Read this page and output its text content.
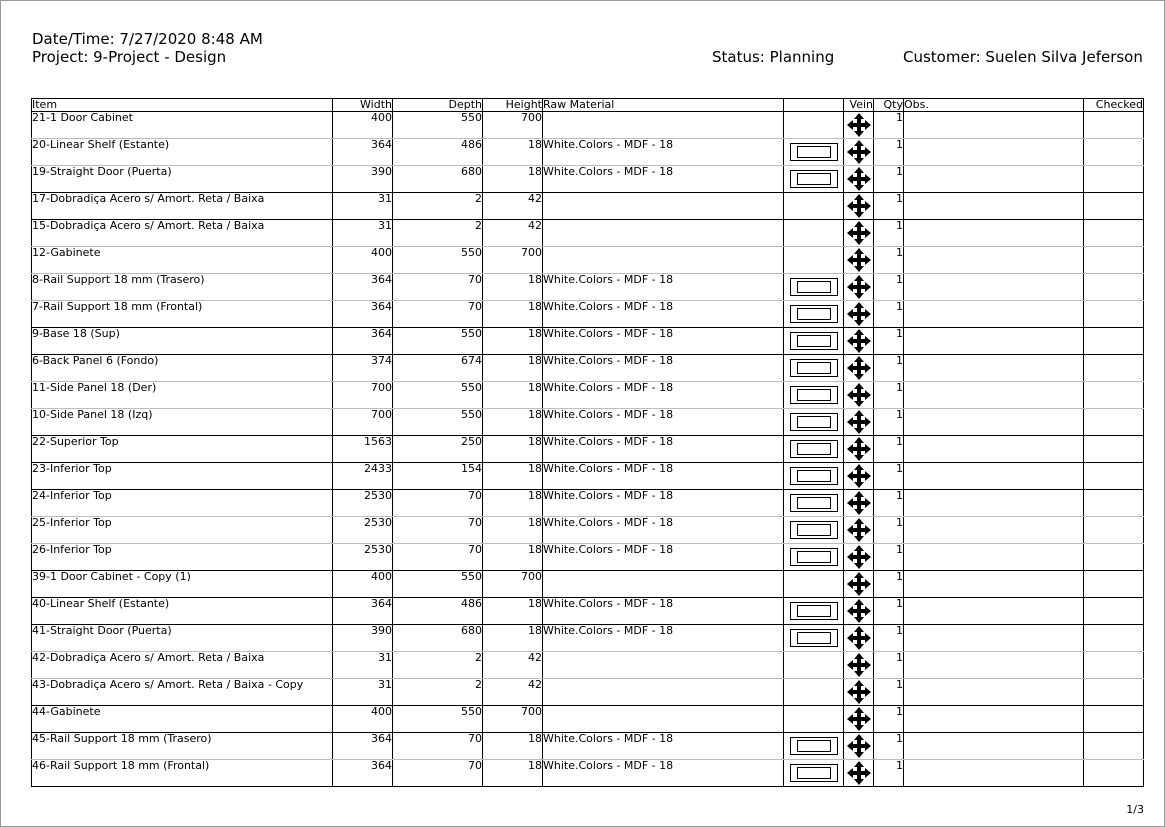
Date/Time: 7/27/2020 8:48 AM
Project: 9-Project - Design	Status: Planning	Customer: Suelen Silva Jeferson
Item	Width	Depth	Height	Raw Material		Vein	Qty	Obs.	Checked
21-1 Door Cabinet	400	550	700				1		
20-Linear Shelf (Estante)	364	486	18	White.Colors - MDF - 18			1		
19-Straight Door (Puerta)	390	680	18	White.Colors - MDF - 18			1		
17-Dobradiça Acero s/ Amort. Reta / Baixa	31	2	42				1		
15-Dobradiça Acero s/ Amort. Reta / Baixa	31	2	42				1		
12-Gabinete	400	550	700				1		
8-Rail Support 18 mm (Trasero)	364	70	18	White.Colors - MDF - 18			1		
7-Rail Support 18 mm (Frontal)	364	70	18	White.Colors - MDF - 18			1		
9-Base 18 (Sup)	364	550	18	White.Colors - MDF - 18			1		
6-Back Panel 6 (Fondo)	374	674	18	White.Colors - MDF - 18			1		
11-Side Panel 18 (Der)	700	550	18	White.Colors - MDF - 18			1		
10-Side Panel 18 (Izq)	700	550	18	White.Colors - MDF - 18			1		
22-Superior Top	1563	250	18	White.Colors - MDF - 18			1		
23-Inferior Top	2433	154	18	White.Colors - MDF - 18			1		
24-Inferior Top	2530	70	18	White.Colors - MDF - 18			1		
25-Inferior Top	2530	70	18	White.Colors - MDF - 18			1		
26-Inferior Top	2530	70	18	White.Colors - MDF - 18			1		
39-1 Door Cabinet - Copy (1)	400	550	700				1		
40-Linear Shelf (Estante)	364	486	18	White.Colors - MDF - 18			1		
41-Straight Door (Puerta)	390	680	18	White.Colors - MDF - 18			1		
42-Dobradiça Acero s/ Amort. Reta / Baixa	31	2	42				1		
43-Dobradiça Acero s/ Amort. Reta / Baixa - Copy	31	2	42				1		
44-Gabinete	400	550	700				1		
45-Rail Support 18 mm (Trasero)	364	70	18	White.Colors - MDF - 18			1		
46-Rail Support 18 mm (Frontal)	364	70	18	White.Colors - MDF - 18			1		
1/3
